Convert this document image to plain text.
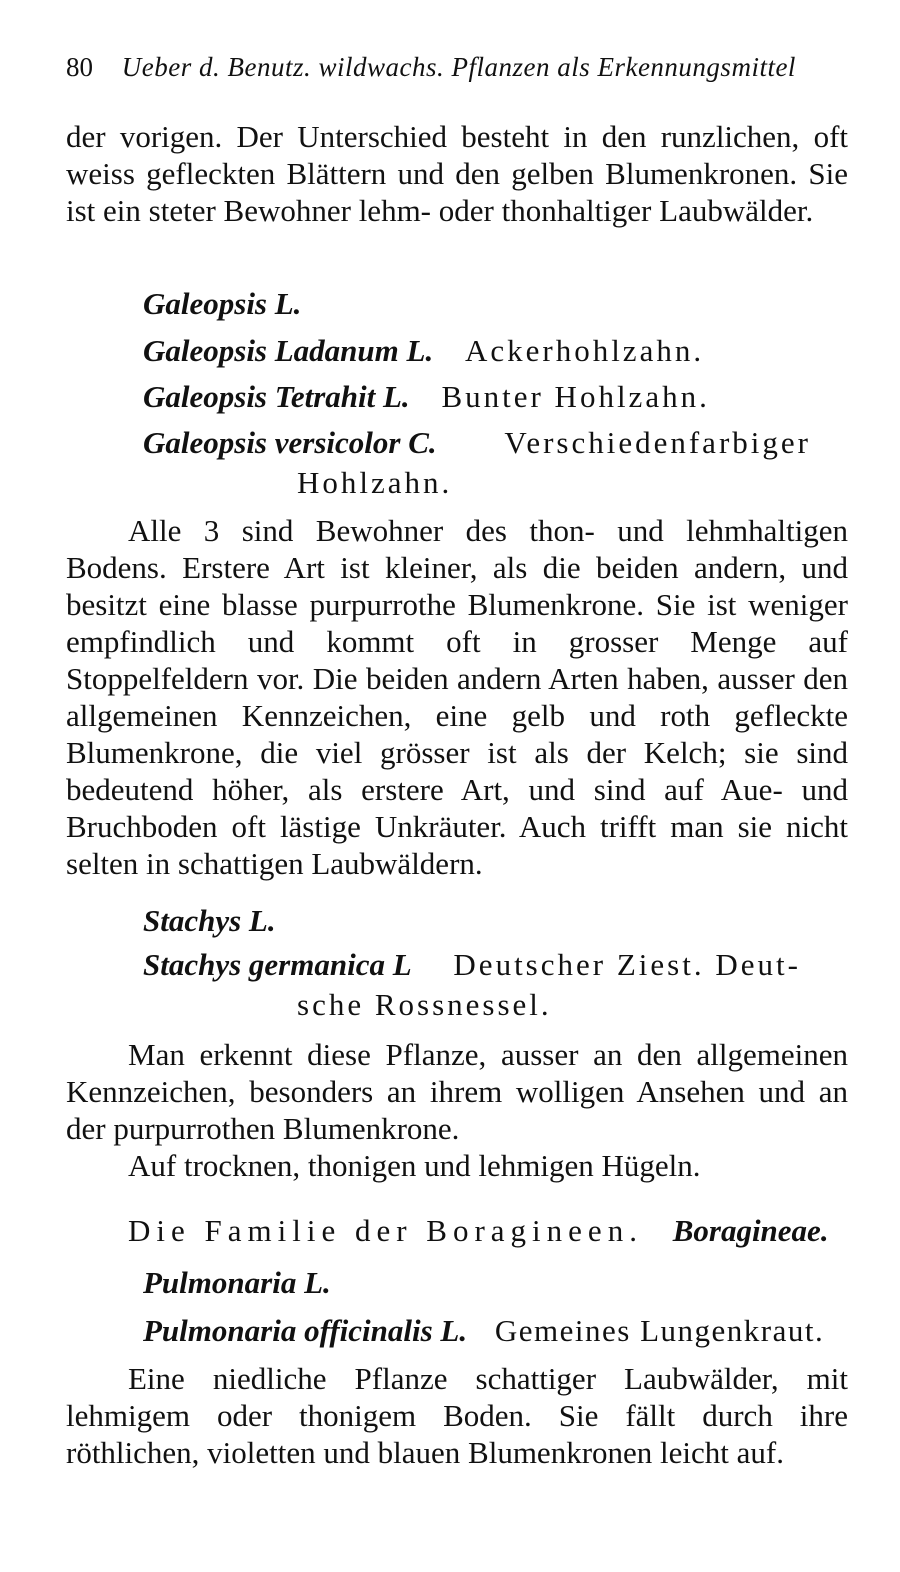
80 Ueber d. Benutz. wildwachs. Pflanzen als Erkennungsmittel

der vorigen. Der Unterschied besteht in den runzlichen, oft weiss gefleckten Blättern und den gelben Blumenkronen. Sie ist ein steter Bewohner lehm- oder thonhaltiger Laubwälder.

Galeopsis L.
Galeopsis Ladanum L. Ackerhohlzahn.
Galeopsis Tetrahit L. Bunter Hohlzahn.
Galeopsis versicolor C. Verschiedenfarbiger
Hohlzahn.

Alle 3 sind Bewohner des thon- und lehmhaltigen Bodens. Erstere Art ist kleiner, als die beiden andern, und besitzt eine blasse purpurrothe Blumenkrone. Sie ist weniger empfindlich und kommt oft in grosser Menge auf Stoppelfeldern vor. Die beiden andern Arten haben, ausser den allgemeinen Kennzeichen, eine gelb und roth gefleckte Blumenkrone, die viel grösser ist als der Kelch; sie sind bedeutend höher, als erstere Art, und sind auf Aue- und Bruchboden oft lästige Unkräuter. Auch trifft man sie nicht selten in schattigen Laubwäldern.

Stachys L.
Stachys germanica L Deutscher Ziest. Deut-
sche Rossnessel.

Man erkennt diese Pflanze, ausser an den allgemeinen Kennzeichen, besonders an ihrem wolligen Ansehen und an der purpurrothen Blumenkrone.

Auf trocknen, thonigen und lehmigen Hügeln.

Die Familie der Boragineen. Boragineae.
Pulmonaria L.
Pulmonaria officinalis L. Gemeines Lungenkraut.

Eine niedliche Pflanze schattiger Laubwälder, mit lehmigem oder thonigem Boden. Sie fällt durch ihre röthlichen, violetten und blauen Blumenkronen leicht auf.
